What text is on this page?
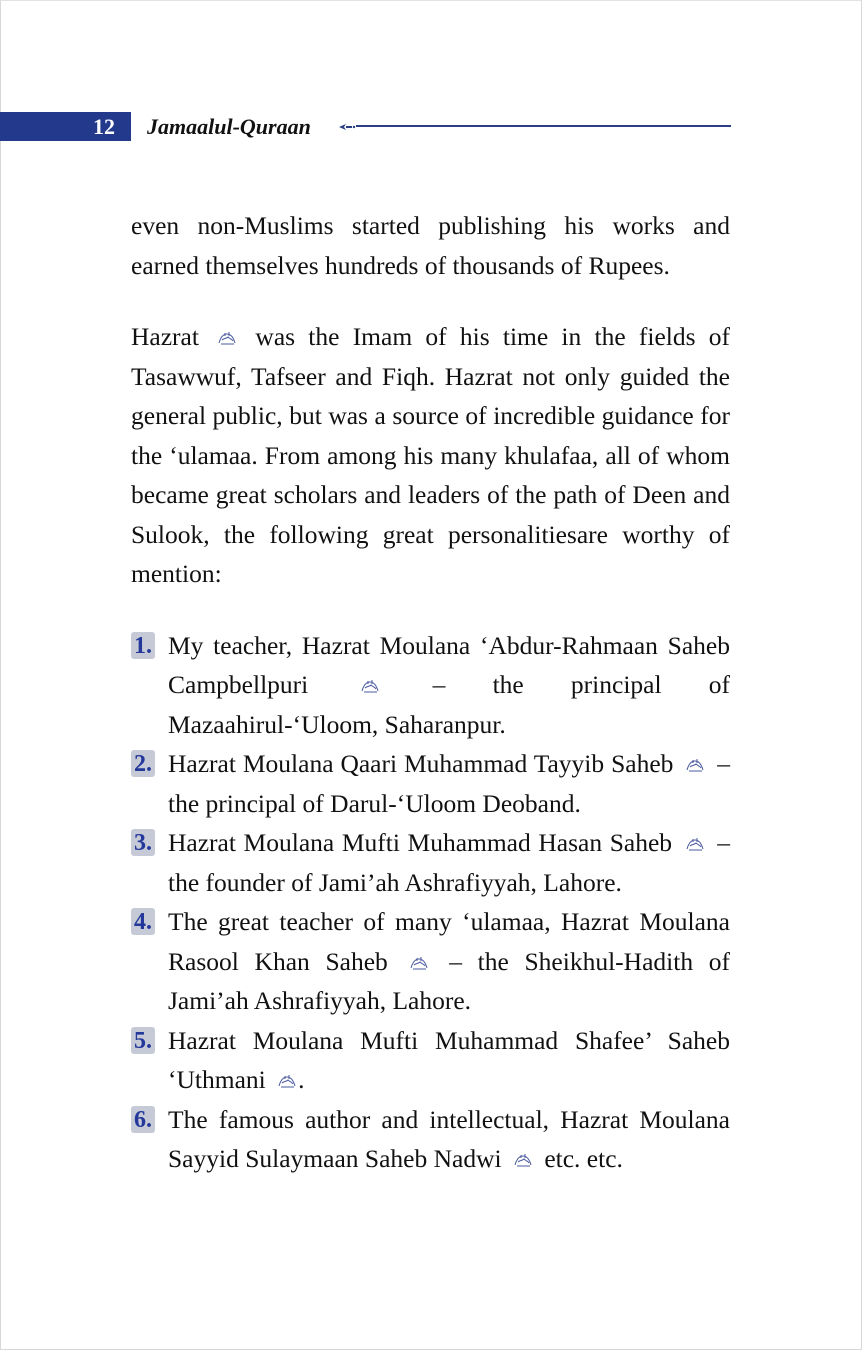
12	Jamaalul-Quraan

even non-Muslims started publishing his works and earned themselves hundreds of thousands of Rupees.

Hazrat was the Imam of his time in the fields of Tasawwuf, Tafseer and Fiqh. Hazrat not only guided the general public, but was a source of incredible guidance for the ‘ulamaa. From among his many khulafaa, all of whom became great scholars and leaders of the path of Deen and Sulook, the following great personalitiesare worthy of mention:

1. My teacher, Hazrat Moulana ‘Abdur-Rahmaan Saheb Campbellpuri	– the principal of Mazaahirul-‘Uloom, Saharanpur.
2. Hazrat Moulana Qaari Muhammad Tayyib Saheb – the principal of Darul-‘Uloom Deoband.
3. Hazrat Moulana Mufti Muhammad Hasan Saheb – the founder of Jami’ah Ashrafiyyah, Lahore.
4. The great teacher of many ‘ulamaa, Hazrat Moulana Rasool Khan Saheb – the Sheikhul-Hadith of Jami’ah Ashrafiyyah, Lahore.
5. Hazrat Moulana Mufti Muhammad Shafee’ Saheb ‘Uthmani .
6. The famous author and intellectual, Hazrat Moulana Sayyid Sulaymaan Saheb Nadwi etc. etc.
